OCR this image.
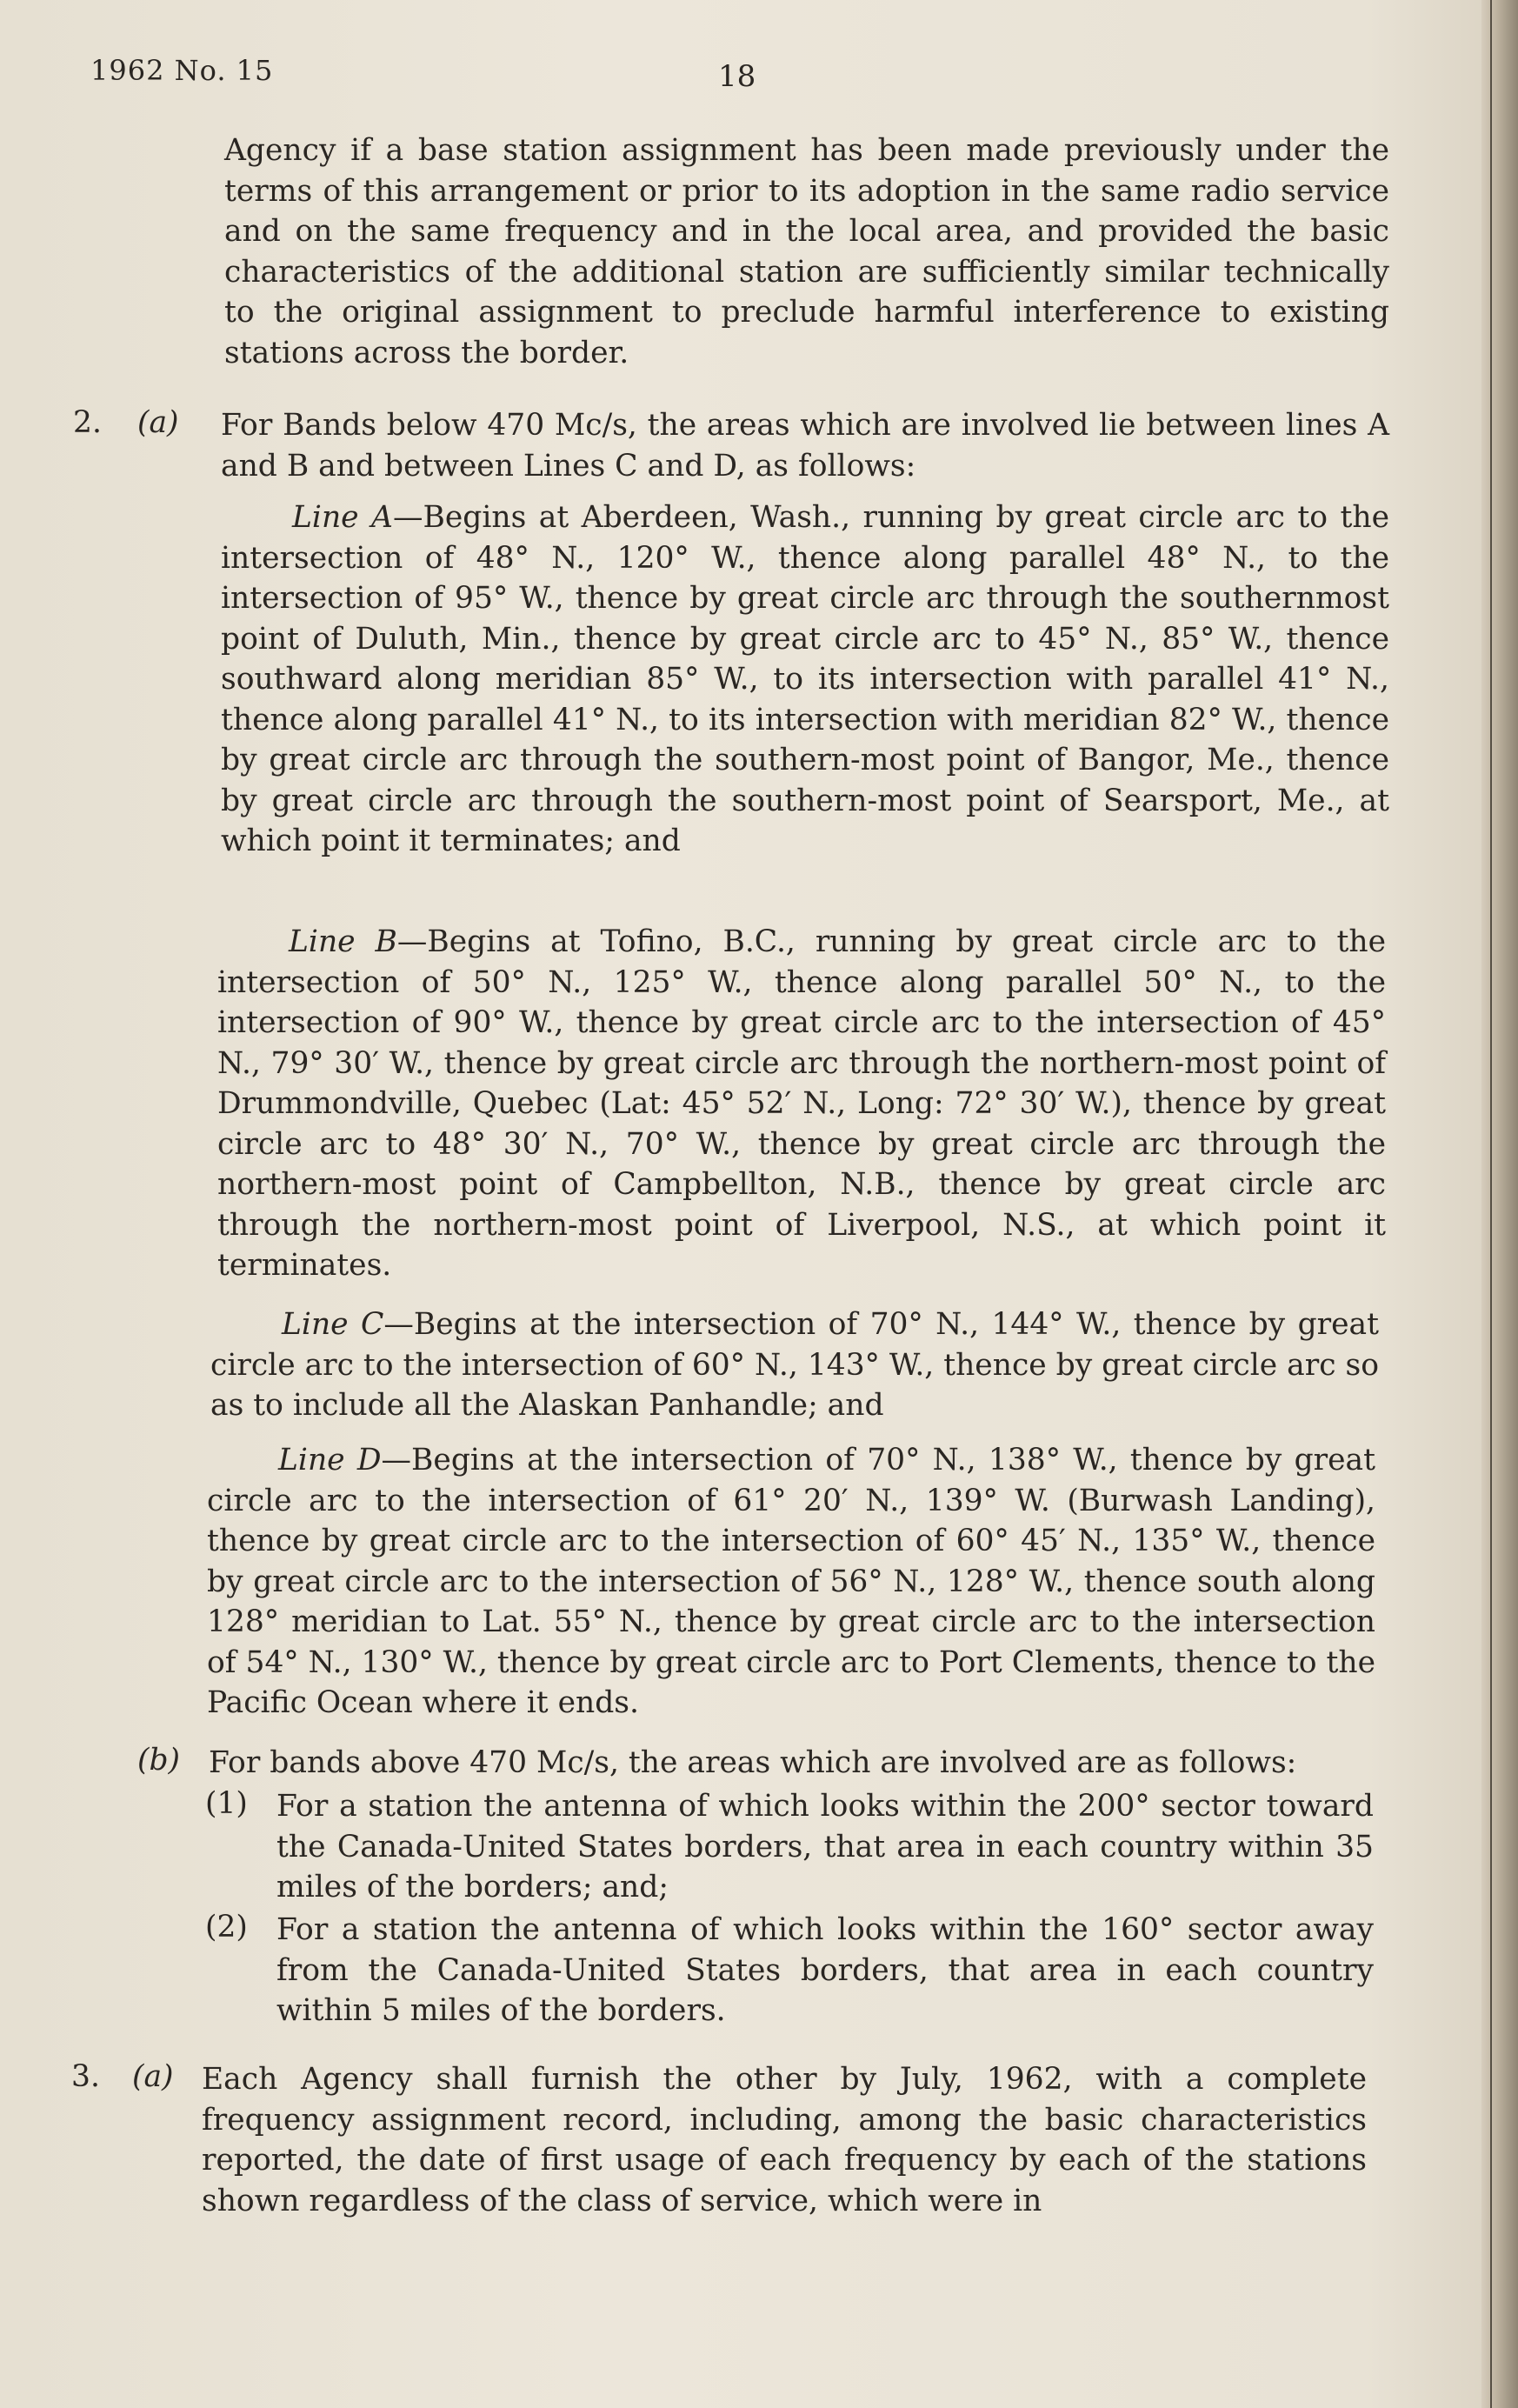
1962 No. 15	18
Agency if a base station assignment has been made previously under the terms of this arrangement or prior to its adoption in the same radio service and on the same frequency and in the local area, and provided the basic characteristics of the additional station are sufficiently similar technically to the original assignment to preclude harmful interference to existing stations across the border.
2. (a) For Bands below 470 Mc/s, the areas which are involved lie between lines A and B and between Lines C and D, as follows:
Line A—Begins at Aberdeen, Wash., running by great circle arc to the intersection of 48° N., 120° W., thence along parallel 48° N., to the intersection of 95° W., thence by great circle arc through the southernmost point of Duluth, Min., thence by great circle arc to 45° N., 85° W., thence southward along meridian 85° W., to its intersection with parallel 41° N., thence along parallel 41° N., to its intersection with meridian 82° W., thence by great circle arc through the southern-most point of Bangor, Me., thence by great circle arc through the southern-most point of Searsport, Me., at which point it terminates; and
Line B—Begins at Tofino, B.C., running by great circle arc to the intersection of 50° N., 125° W., thence along parallel 50° N., to the intersection of 90° W., thence by great circle arc to the intersection of 45° N., 79° 30′ W., thence by great circle arc through the northern-most point of Drummondville, Quebec (Lat: 45° 52′ N., Long: 72° 30′ W.), thence by great circle arc to 48° 30′ N., 70° W., thence by great circle arc through the northern-most point of Campbellton, N.B., thence by great circle arc through the northern-most point of Liverpool, N.S., at which point it terminates.
Line C—Begins at the intersection of 70° N., 144° W., thence by great circle arc to the intersection of 60° N., 143° W., thence by great circle arc so as to include all the Alaskan Panhandle; and
Line D—Begins at the intersection of 70° N., 138° W., thence by great circle arc to the intersection of 61° 20′ N., 139° W. (Burwash Landing), thence by great circle arc to the intersection of 60° 45′ N., 135° W., thence by great circle arc to the intersection of 56° N., 128° W., thence south along 128° meridian to Lat. 55° N., thence by great circle arc to the intersection of 54° N., 130° W., thence by great circle arc to Port Clements, thence to the Pacific Ocean where it ends.
(b) For bands above 470 Mc/s, the areas which are involved are as follows:
(1) For a station the antenna of which looks within the 200° sector toward the Canada-United States borders, that area in each country within 35 miles of the borders; and;
(2) For a station the antenna of which looks within the 160° sector away from the Canada-United States borders, that area in each country within 5 miles of the borders.
3. (a) Each Agency shall furnish the other by July, 1962, with a complete frequency assignment record, including, among the basic characteristics reported, the date of first usage of each frequency by each of the stations shown regardless of the class of service, which were in
